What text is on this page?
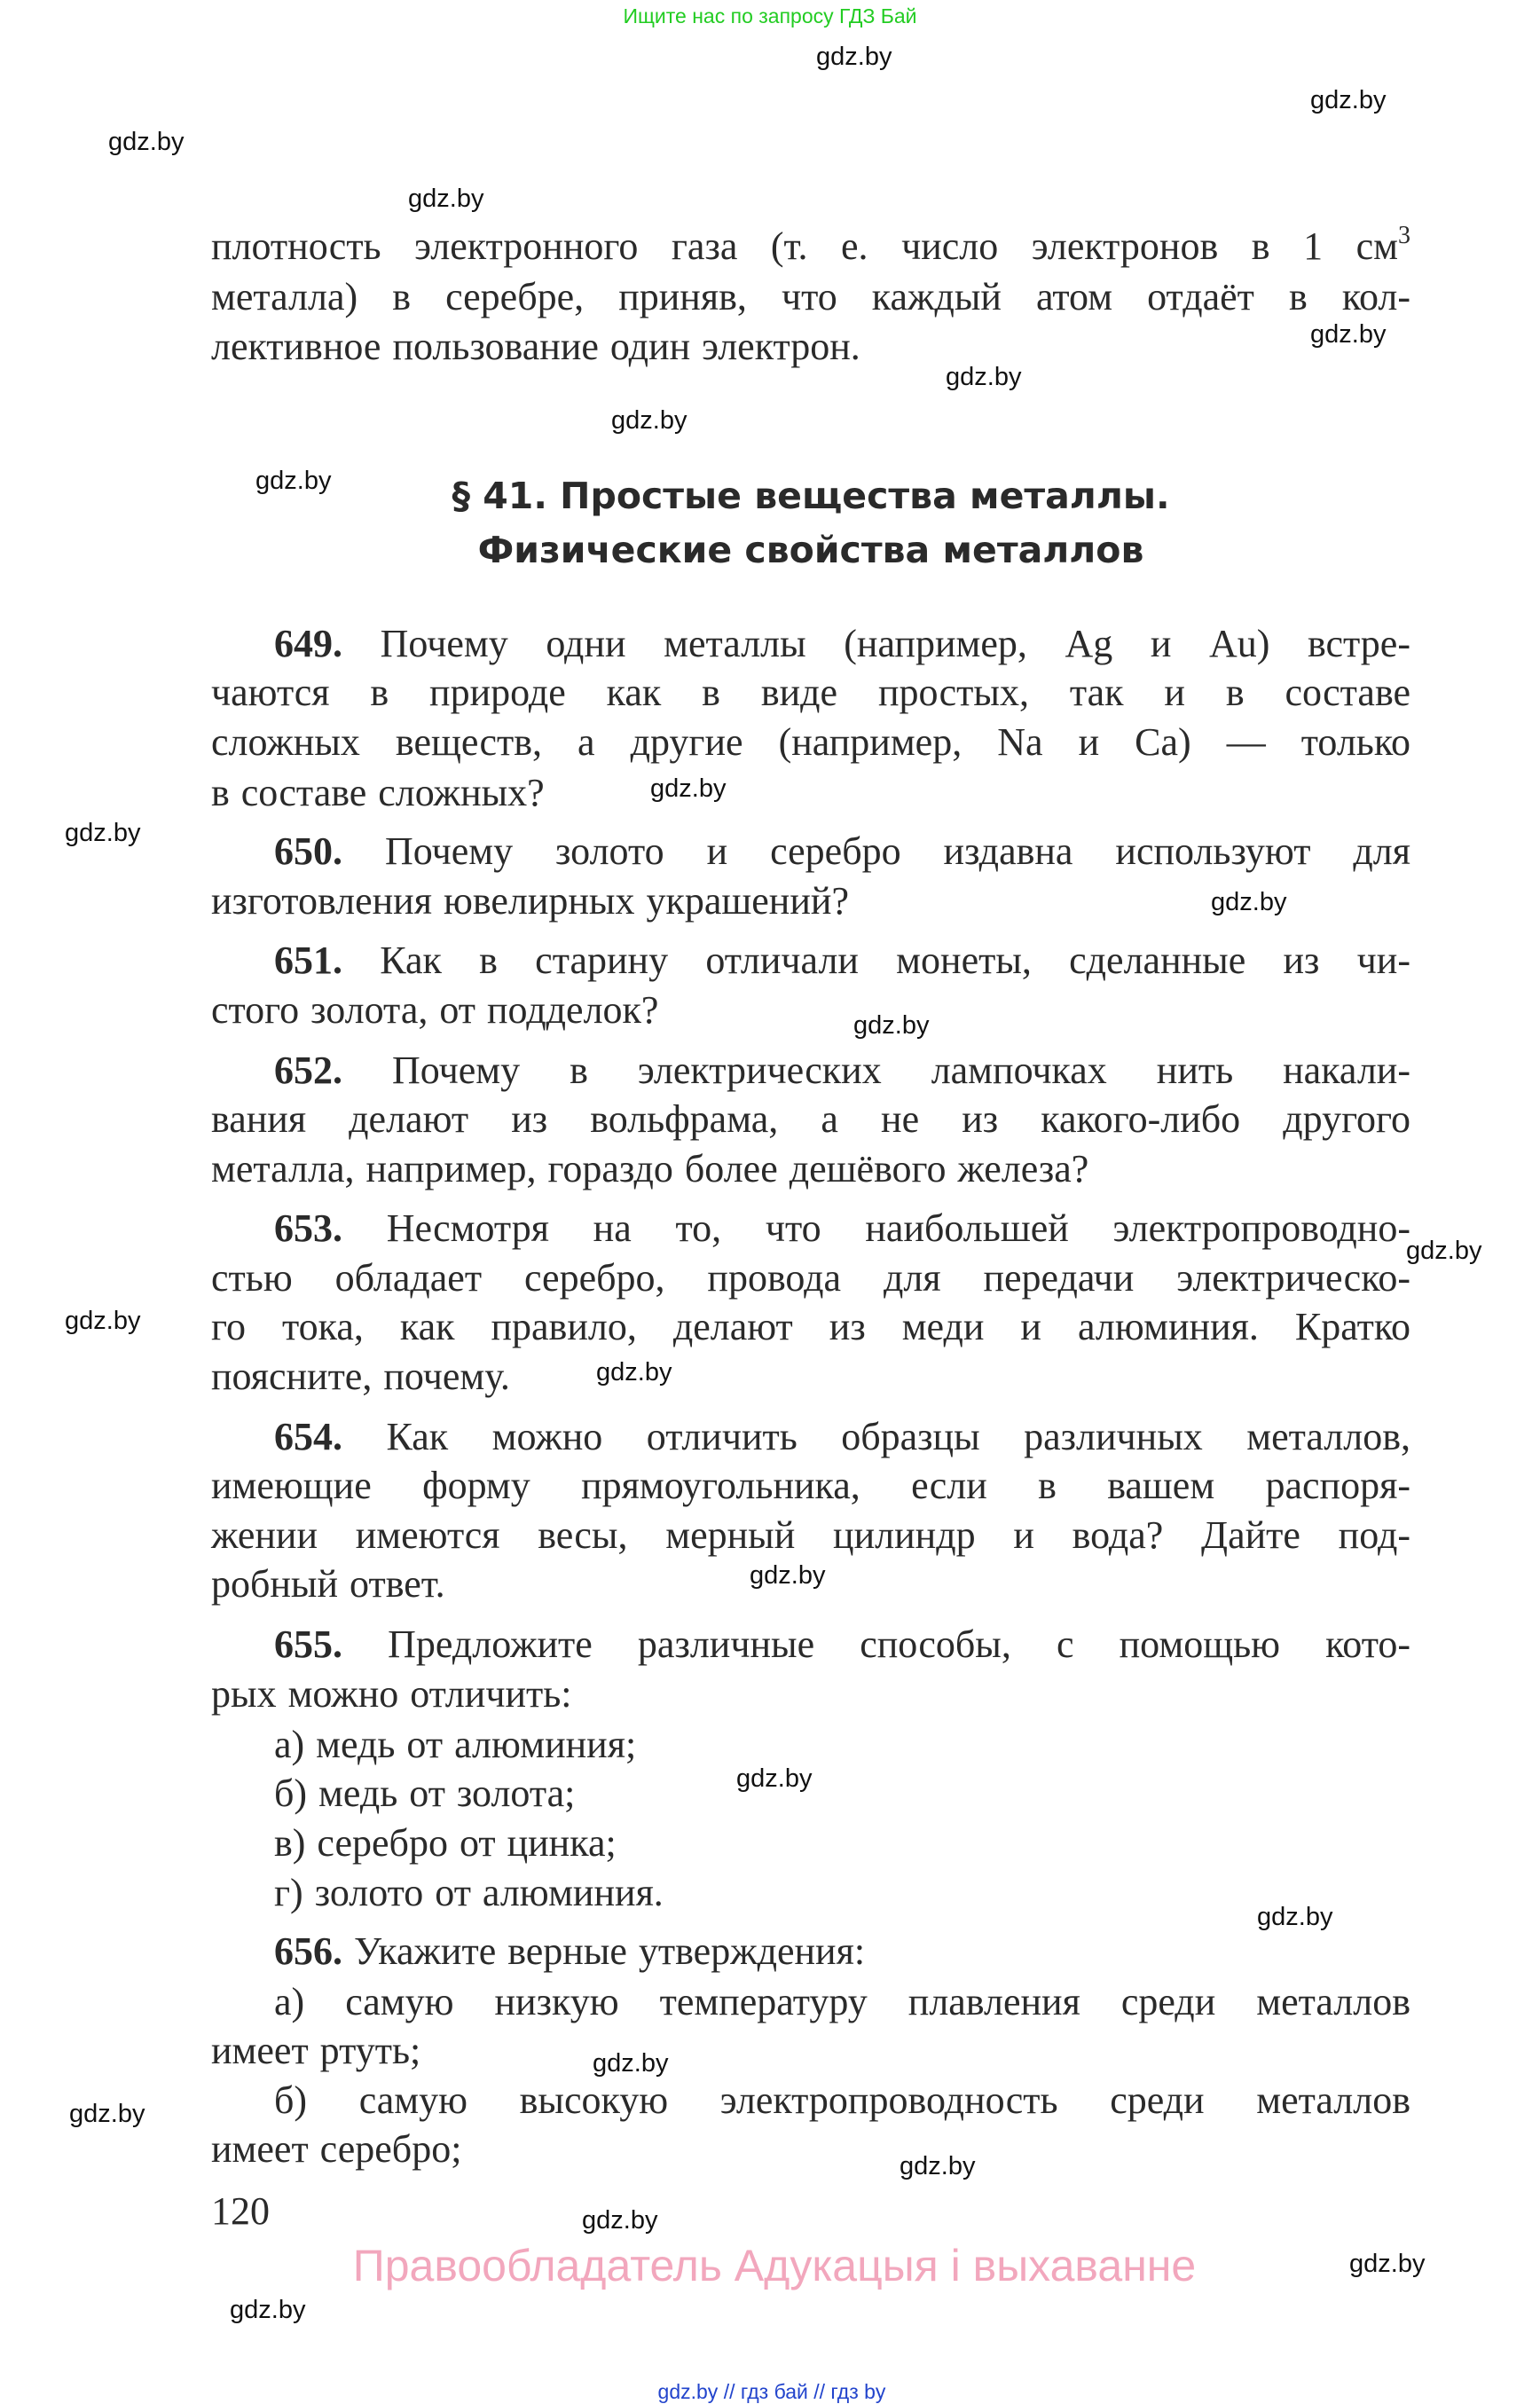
Ищите нас по запросу ГДЗ Бай
плотность электронного газа (т. е. число электронов в 1 $см^3$
металла) в серебре, приняв, что каждый атом отдаёт в кол-
лективное пользование один электрон.
§ 41. Простые вещества металлы.
Физические свойства металлов
649. Почему одни металлы (например, Ag и Au) встре-
чаются в природе как в виде простых, так и в составе
сложных веществ, а другие (например, Na и Ca) — только
в составе сложных?
650. Почему золото и серебро издавна используют для
изготовления ювелирных украшений?
651. Как в старину отличали монеты, сделанные из чи-
стого золота, от подделок?
652. Почему в электрических лампочках нить накали-
вания делают из вольфрама, а не из какого-либо другого
металла, например, гораздо более дешёвого железа?
653. Несмотря на то, что наибольшей электропроводно-
стью обладает серебро, провода для передачи электрическо-
го тока, как правило, делают из меди и алюминия. Кратко
поясните, почему.
654. Как можно отличить образцы различных металлов,
имеющие форму прямоугольника, если в вашем распоря-
жении имеются весы, мерный цилиндр и вода? Дайте под-
робный ответ.
655. Предложите различные способы, с помощью кото-
рых можно отличить:
а) медь от алюминия;
б) медь от золота;
в) серебро от цинка;
г) золото от алюминия.
656. Укажите верные утверждения:
а) самую низкую температуру плавления среди металлов
имеет ртуть;
б) самую высокую электропроводность среди металлов
имеет серебро;
120
Правообладатель Адукацыя і выхаванне
gdz.by // гдз бай // гдз by
gdz.by
gdz.by
gdz.by
gdz.by
gdz.by
gdz.by
gdz.by
gdz.by
gdz.by
gdz.by
gdz.by
gdz.by
gdz.by
gdz.by
gdz.by
gdz.by
gdz.by
gdz.by
gdz.by
gdz.by
gdz.by
gdz.by
gdz.by
gdz.by
